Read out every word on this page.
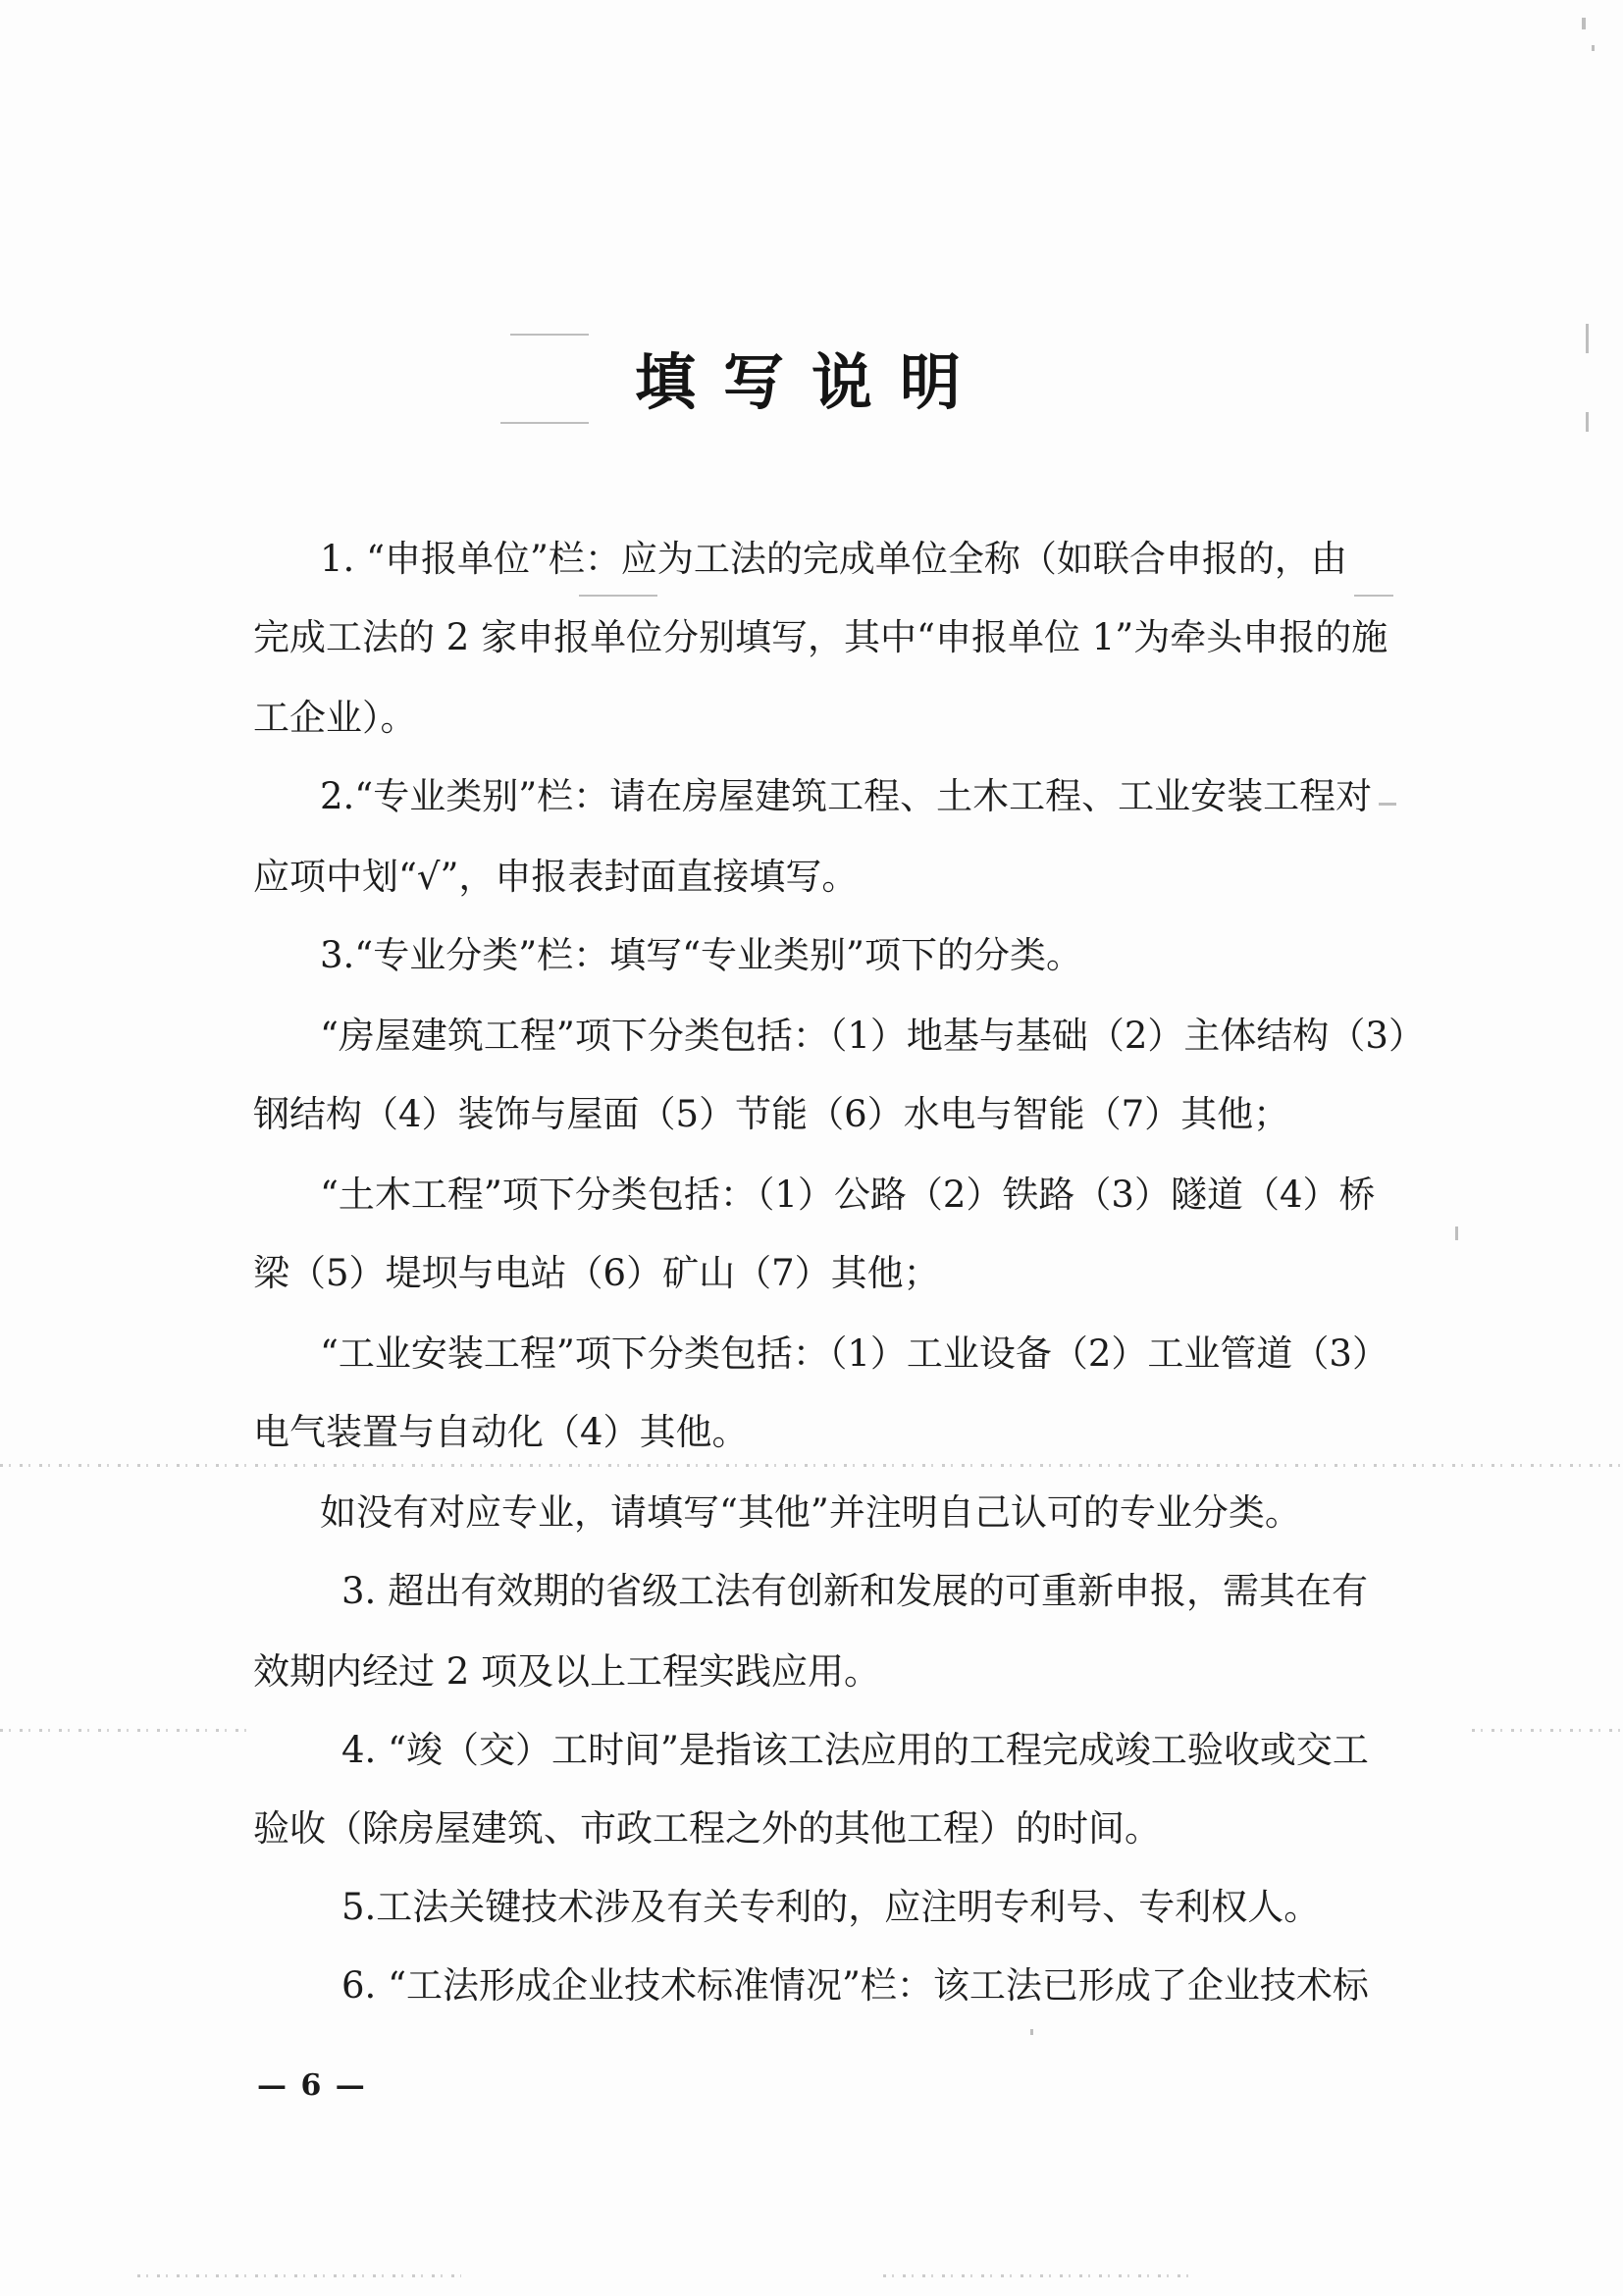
填写说明
1. “申报单位”栏：应为工法的完成单位全称（如联合申报的，由
完成工法的 2 家申报单位分别填写，其中“申报单位 1”为牵头申报的施
工企业）。
2.“专业类别”栏：请在房屋建筑工程、土木工程、工业安装工程对
应项中划“√”，申报表封面直接填写。
3.“专业分类”栏：填写“专业类别”项下的分类。
“房屋建筑工程”项下分类包括：（1）地基与基础（2）主体结构（3）
钢结构（4）装饰与屋面（5）节能（6）水电与智能（7）其他；
“土木工程”项下分类包括：（1）公路（2）铁路（3）隧道（4）桥
梁（5）堤坝与电站（6）矿山（7）其他；
“工业安装工程”项下分类包括：（1）工业设备（2）工业管道（3）
电气装置与自动化（4）其他。
如没有对应专业，请填写“其他”并注明自己认可的专业分类。
3. 超出有效期的省级工法有创新和发展的可重新申报，需其在有
效期内经过 2 项及以上工程实践应用。
4. “竣（交）工时间”是指该工法应用的工程完成竣工验收或交工
验收（除房屋建筑、市政工程之外的其他工程）的时间。
5.工法关键技术涉及有关专利的，应注明专利号、专利权人。
6. “工法形成企业技术标准情况”栏：该工法已形成了企业技术标
— 6 —
